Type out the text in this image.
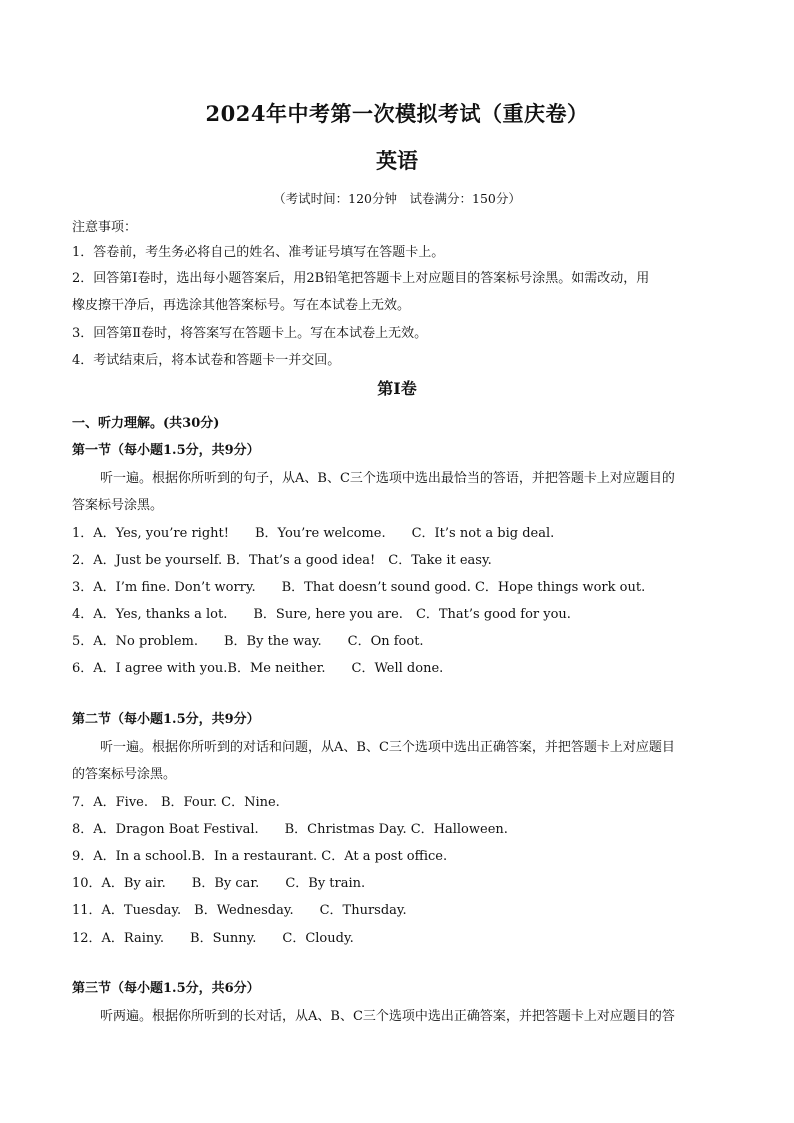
2024年中考第一次模拟考试（重庆卷）
英语
（考试时间：120分钟　试卷满分：150分）
注意事项：
1．答卷前，考生务必将自己的姓名、准考证号填写在答题卡上。
2．回答第Ⅰ卷时，选出每小题答案后，用2B铅笔把答题卡上对应题目的答案标号涂黑。如需改动，用
橡皮擦干净后，再选涂其他答案标号。写在本试卷上无效。
3．回答第Ⅱ卷时，将答案写在答题卡上。写在本试卷上无效。
4．考试结束后，将本试卷和答题卡一并交回。
第Ⅰ卷
一、听力理解。(共30分)
第一节（每小题1.5分，共9分）
听一遍。根据你所听到的句子，从A、B、C三个选项中选出最恰当的答语，并把答题卡上对应题目的
答案标号涂黑。
1．A．Yes, you’re right!　　B．You’re welcome.　　C．It’s not a big deal.
2．A．Just be yourself. B．That’s a good idea!　C．Take it easy.
3．A．I’m fine. Don’t worry.　　B．That doesn’t sound good. C．Hope things work out.
4．A．Yes, thanks a lot.　　B．Sure, here you are.　C．That’s good for you.
5．A．No problem.　　B．By the way.　　C．On foot.
6．A．I agree with you.B．Me neither.　　C．Well done.
第二节（每小题1.5分，共9分）
听一遍。根据你所听到的对话和问题，从A、B、C三个选项中选出正确答案，并把答题卡上对应题目
的答案标号涂黑。
7．A．Five.　B．Four. C．Nine.
8．A．Dragon Boat Festival.　　B．Christmas Day. C．Halloween.
9．A．In a school.B．In a restaurant. C．At a post office.
10．A．By air.　　B．By car.　　C．By train.
11．A．Tuesday.　B．Wednesday.　　C．Thursday.
12．A．Rainy.　　B．Sunny.　　C．Cloudy.
第三节（每小题1.5分，共6分）
听两遍。根据你所听到的长对话，从A、B、C三个选项中选出正确答案，并把答题卡上对应题目的答
